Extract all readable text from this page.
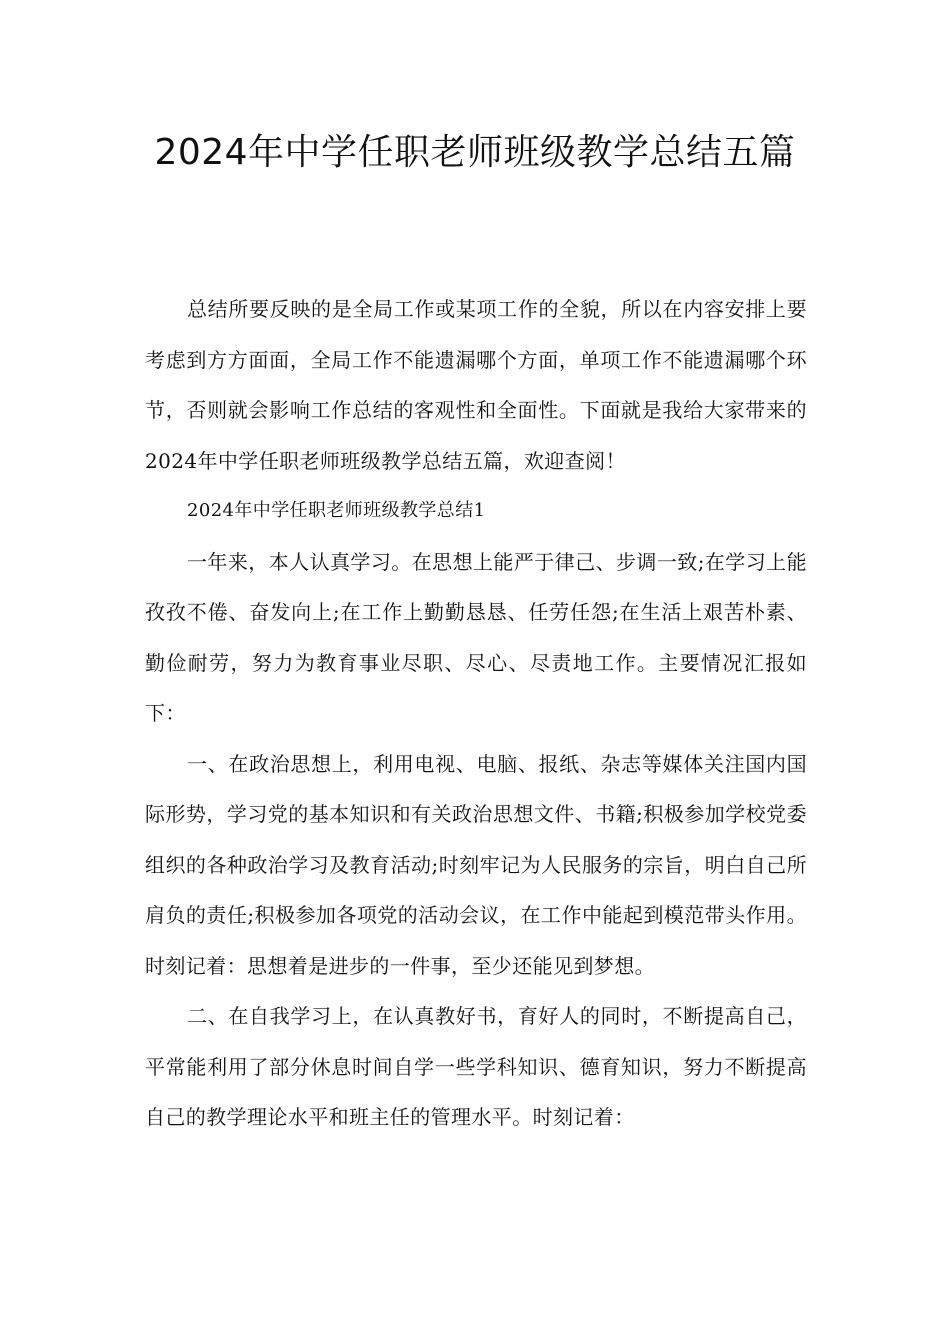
2024年中学任职老师班级教学总结五篇

总结所要反映的是全局工作或某项工作的全貌，所以在内容安排上要考虑到方方面面，全局工作不能遗漏哪个方面，单项工作不能遗漏哪个环节，否则就会影响工作总结的客观性和全面性。下面就是我给大家带来的2024年中学任职老师班级教学总结五篇，欢迎查阅！

2024年中学任职老师班级教学总结1

一年来，本人认真学习。在思想上能严于律己、步调一致;在学习上能孜孜不倦、奋发向上;在工作上勤勤恳恳、任劳任怨;在生活上艰苦朴素、勤俭耐劳，努力为教育事业尽职、尽心、尽责地工作。主要情况汇报如下：

一、在政治思想上，利用电视、电脑、报纸、杂志等媒体关注国内国际形势，学习党的基本知识和有关政治思想文件、书籍;积极参加学校党委组织的各种政治学习及教育活动;时刻牢记为人民服务的宗旨，明白自己所肩负的责任;积极参加各项党的活动会议，在工作中能起到模范带头作用。时刻记着：思想着是进步的一件事，至少还能见到梦想。

二、在自我学习上，在认真教好书，育好人的同时，不断提高自己，平常能利用了部分休息时间自学一些学科知识、德育知识，努力不断提高自己的教学理论水平和班主任的管理水平。时刻记着：
